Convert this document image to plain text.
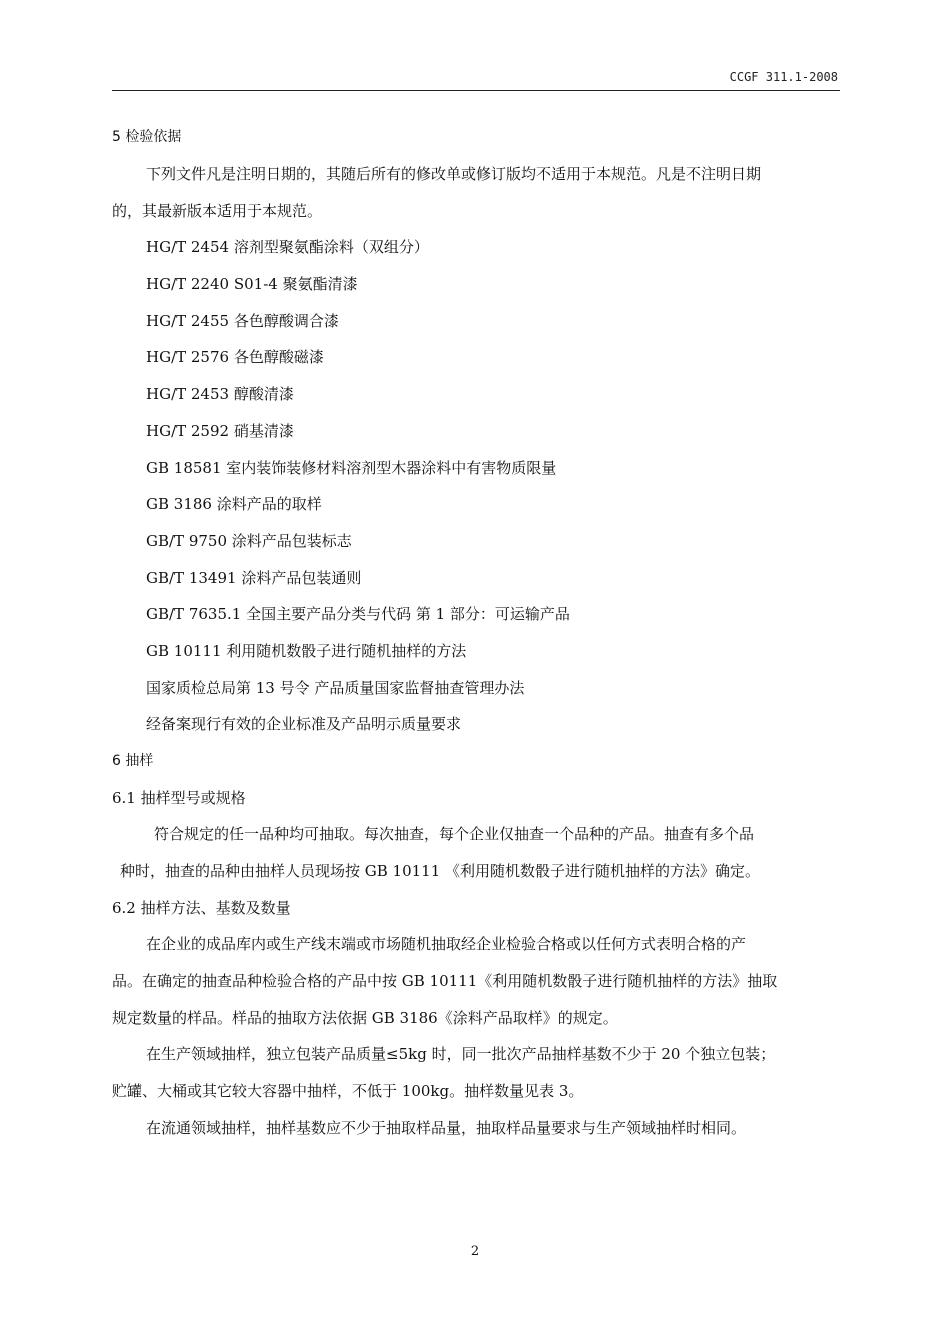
CCGF 311.1-2008
5 检验依据
下列文件凡是注明日期的，其随后所有的修改单或修订版均不适用于本规范。凡是不注明日期
的，其最新版本适用于本规范。
HG/T 2454 溶剂型聚氨酯涂料（双组分）
HG/T 2240 S01-4 聚氨酯清漆
HG/T 2455 各色醇酸调合漆
HG/T 2576 各色醇酸磁漆
HG/T 2453 醇酸清漆
HG/T 2592 硝基清漆
GB 18581 室内装饰装修材料溶剂型木器涂料中有害物质限量
GB 3186 涂料产品的取样
GB/T 9750 涂料产品包装标志
GB/T 13491 涂料产品包装通则
GB/T 7635.1 全国主要产品分类与代码 第 1 部分：可运输产品
GB 10111 利用随机数骰子进行随机抽样的方法
国家质检总局第 13 号令 产品质量国家监督抽查管理办法
经备案现行有效的企业标准及产品明示质量要求
6 抽样
6.1 抽样型号或规格
符合规定的任一品种均可抽取。每次抽查，每个企业仅抽查一个品种的产品。抽查有多个品
种时，抽查的品种由抽样人员现场按 GB 10111 《利用随机数骰子进行随机抽样的方法》确定。
6.2 抽样方法、基数及数量
在企业的成品库内或生产线末端或市场随机抽取经企业检验合格或以任何方式表明合格的产
品。在确定的抽查品种检验合格的产品中按 GB 10111《利用随机数骰子进行随机抽样的方法》抽取
规定数量的样品。样品的抽取方法依据 GB 3186《涂料产品取样》的规定。
在生产领域抽样，独立包装产品质量≤5kg 时，同一批次产品抽样基数不少于 20 个独立包装；
贮罐、大桶或其它较大容器中抽样，不低于 100kg。抽样数量见表 3。
在流通领域抽样，抽样基数应不少于抽取样品量，抽取样品量要求与生产领域抽样时相同。
2
